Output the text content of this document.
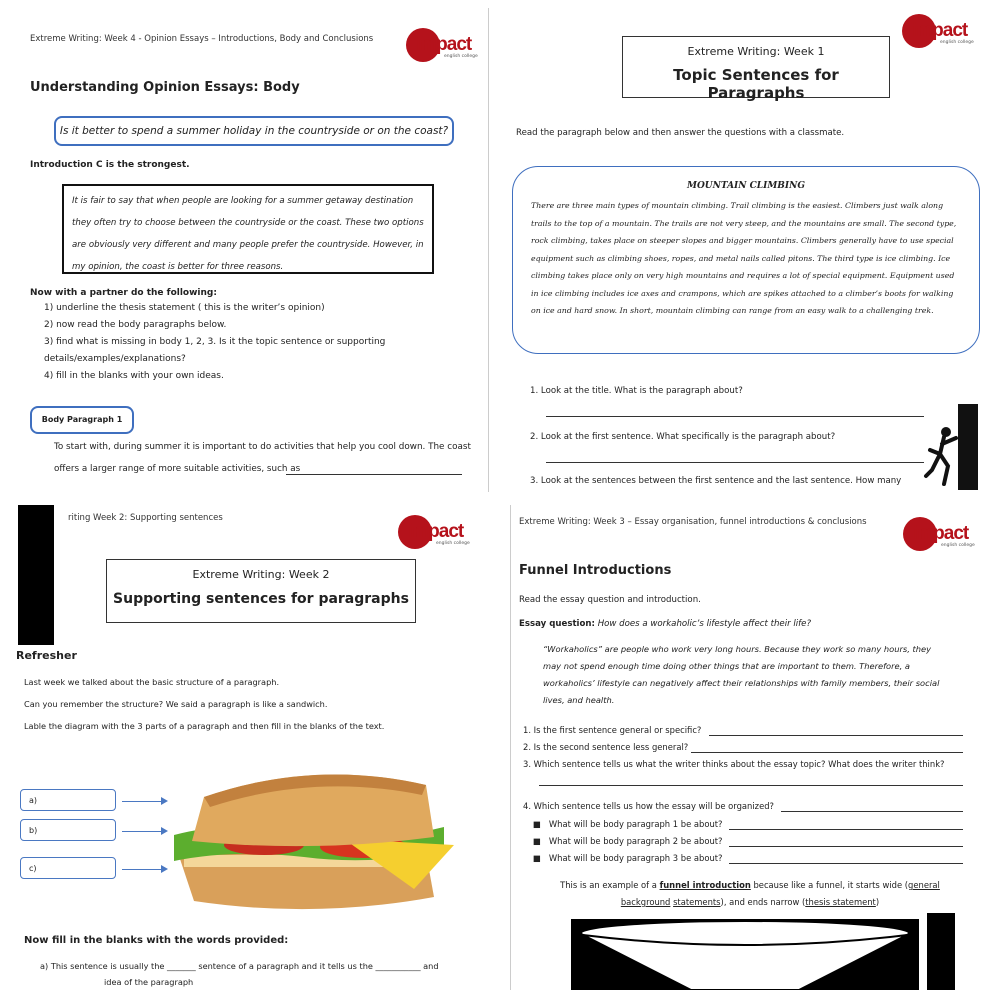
Extreme Writing: Week 4 - Opinion Essays – Introductions, Body and Conclusions impact
english college
Understanding Opinion Essays: Body
Is it better to spend a summer holiday in the countryside or on the coast?
Introduction C is the strongest.
It is fair to say that when people are looking for a summer getaway destination they often try to choose between the countryside or the coast. These two options are obviously very different and many people prefer the countryside. However, in my opinion, the coast is better for three reasons.
Now with a partner do the following:
1) underline the thesis statement ( this is the writer’s opinion)
2) now read the body paragraphs below.
3) find what is missing in body 1, 2, 3. Is it the topic sentence or supporting
details/examples/explanations?
4) fill in the blanks with your own ideas.
Body Paragraph 1
To start with, during summer it is important to do activities that help you cool down. The coast
offers a larger range of more suitable activities, such as
impact
english college
Extreme Writing: Week 1
Topic Sentences for Paragraphs
Read the paragraph below and then answer the questions with a classmate.
MOUNTAIN CLIMBING
There are three main types of mountain climbing. Trail climbing is the easiest. Climbers just walk along trails to the top of a mountain. The trails are not very steep, and the mountains are small. The second type, rock climbing, takes place on steeper slopes and bigger mountains. Climbers generally have to use special equipment such as climbing shoes, ropes, and metal nails called pitons. The third type is ice climbing. Ice climbing takes place only on very high mountains and requires a lot of special equipment. Equipment used in ice climbing includes ice axes and crampons, which are spikes attached to a climber’s boots for walking on ice and hard snow. In short, mountain climbing can range from an easy walk to a challenging trek.
1. Look at the title. What is the paragraph about?
2. Look at the first sentence. What specifically is the paragraph about?
3. Look at the sentences between the first sentence and the last sentence. How many
riting Week 2: Supporting sentences
impact
english college
Extreme Writing: Week 2
Supporting sentences for paragraphs
Refresher
Last week we talked about the basic structure of a paragraph.
Can you remember the structure? We said a paragraph is like a sandwich.
Lable the diagram with the 3 parts of a paragraph and then fill in the blanks of the text.
a)
b)
c)
Now fill in the blanks with the words provided:
a) This sentence is usually the _______ sentence of a paragraph and it tells us the ___________ and
idea of the paragraph
Extreme Writing: Week 3 – Essay organisation, funnel introductions & conclusions
impact
english college
Funnel Introductions
Read the essay question and introduction.
Essay question: How does a workaholic’s lifestyle affect their life?
“Workaholics” are people who work very long hours. Because they work so many hours, they may not spend enough time doing other things that are important to them. Therefore, a workaholics’ lifestyle can negatively affect their relationships with family members, their social lives, and health.
1. Is the first sentence general or specific?
2. Is the second sentence less general?
3. Which sentence tells us what the writer thinks about the essay topic? What does the writer think?
4. Which sentence tells us how the essay will be organized?
■   What will be body paragraph 1 be about?
■   What will be body paragraph 2 be about?
■   What will be body paragraph 3 be about?
This is an example of a funnel introduction because like a funnel, it starts wide (general background statements), and ends narrow (thesis statement)
